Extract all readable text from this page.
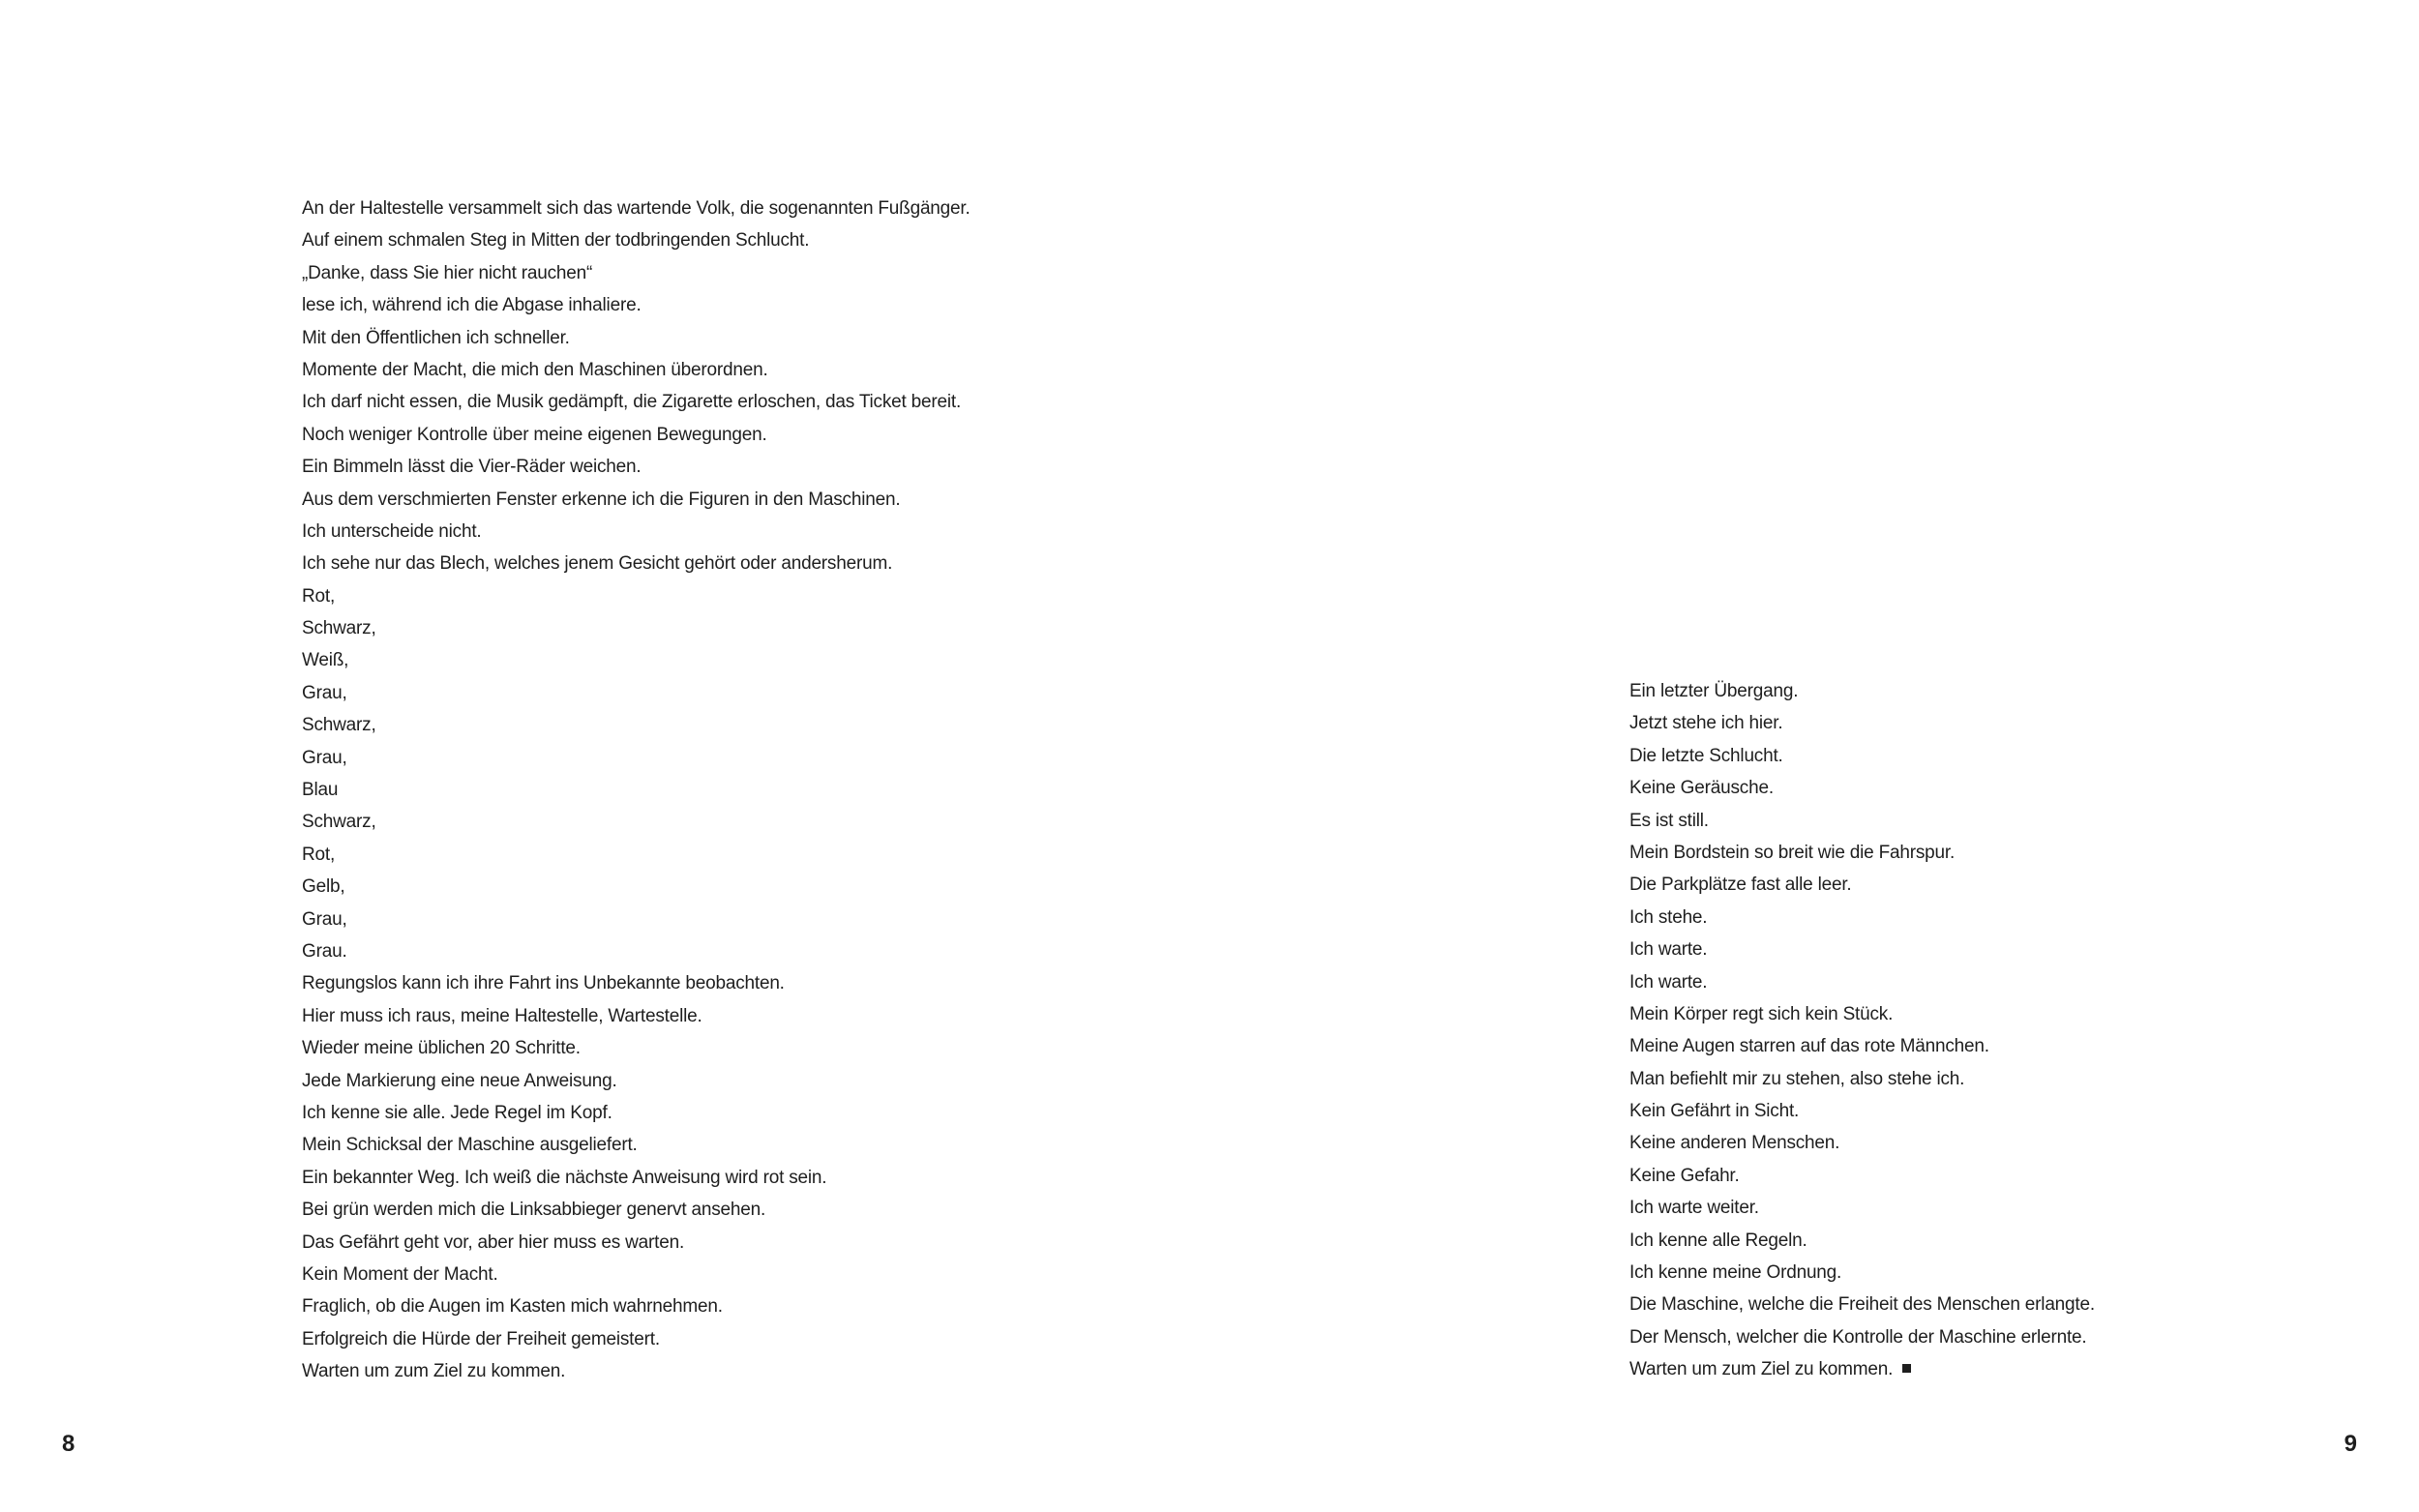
An der Haltestelle versammelt sich das wartende Volk, die sogenannten Fußgänger.
Auf einem schmalen Steg in Mitten der todbringenden Schlucht.
„Danke, dass Sie hier nicht rauchen“
lese ich, während ich die Abgase inhaliere.
Mit den Öffentlichen ich schneller.
Momente der Macht, die mich den Maschinen überordnen.
Ich darf nicht essen, die Musik gedämpft, die Zigarette erloschen, das Ticket bereit.
Noch weniger Kontrolle über meine eigenen Bewegungen.
Ein Bimmeln lässt die Vier-Räder weichen.
Aus dem verschmierten Fenster erkenne ich die Figuren in den Maschinen.
Ich unterscheide nicht.
Ich sehe nur das Blech, welches jenem Gesicht gehört oder andersherum.
Rot,
Schwarz,
Weiß,
Grau,
Schwarz,
Grau,
Blau
Schwarz,
Rot,
Gelb,
Grau,
Grau.
Regungslos kann ich ihre Fahrt ins Unbekannte beobachten.
Hier muss ich raus, meine Haltestelle, Wartestelle.
Wieder meine üblichen 20 Schritte.
Jede Markierung eine neue Anweisung.
Ich kenne sie alle. Jede Regel im Kopf.
Mein Schicksal der Maschine ausgeliefert.
Ein bekannter Weg. Ich weiß die nächste Anweisung wird rot sein.
Bei grün werden mich die Linksabbieger genervt ansehen.
Das Gefährt geht vor, aber hier muss es warten.
Kein Moment der Macht.
Fraglich, ob die Augen im Kasten mich wahrnehmen.
Erfolgreich die Hürde der Freiheit gemeistert.
Warten um zum Ziel zu kommen.
8
Ein letzter Übergang.
Jetzt stehe ich hier.
Die letzte Schlucht.
Keine Geräusche.
Es ist still.
Mein Bordstein so breit wie die Fahrspur.
Die Parkplätze fast alle leer.
Ich stehe.
Ich warte.
Ich warte.
Mein Körper regt sich kein Stück.
Meine Augen starren auf das rote Männchen.
Man befiehlt mir zu stehen, also stehe ich.
Kein Gefährt in Sicht.
Keine anderen Menschen.
Keine Gefahr.
Ich warte weiter.
Ich kenne alle Regeln.
Ich kenne meine Ordnung.
Die Maschine, welche die Freiheit des Menschen erlangte.
Der Mensch, welcher die Kontrolle der Maschine erlernte.
Warten um zum Ziel zu kommen.
9
